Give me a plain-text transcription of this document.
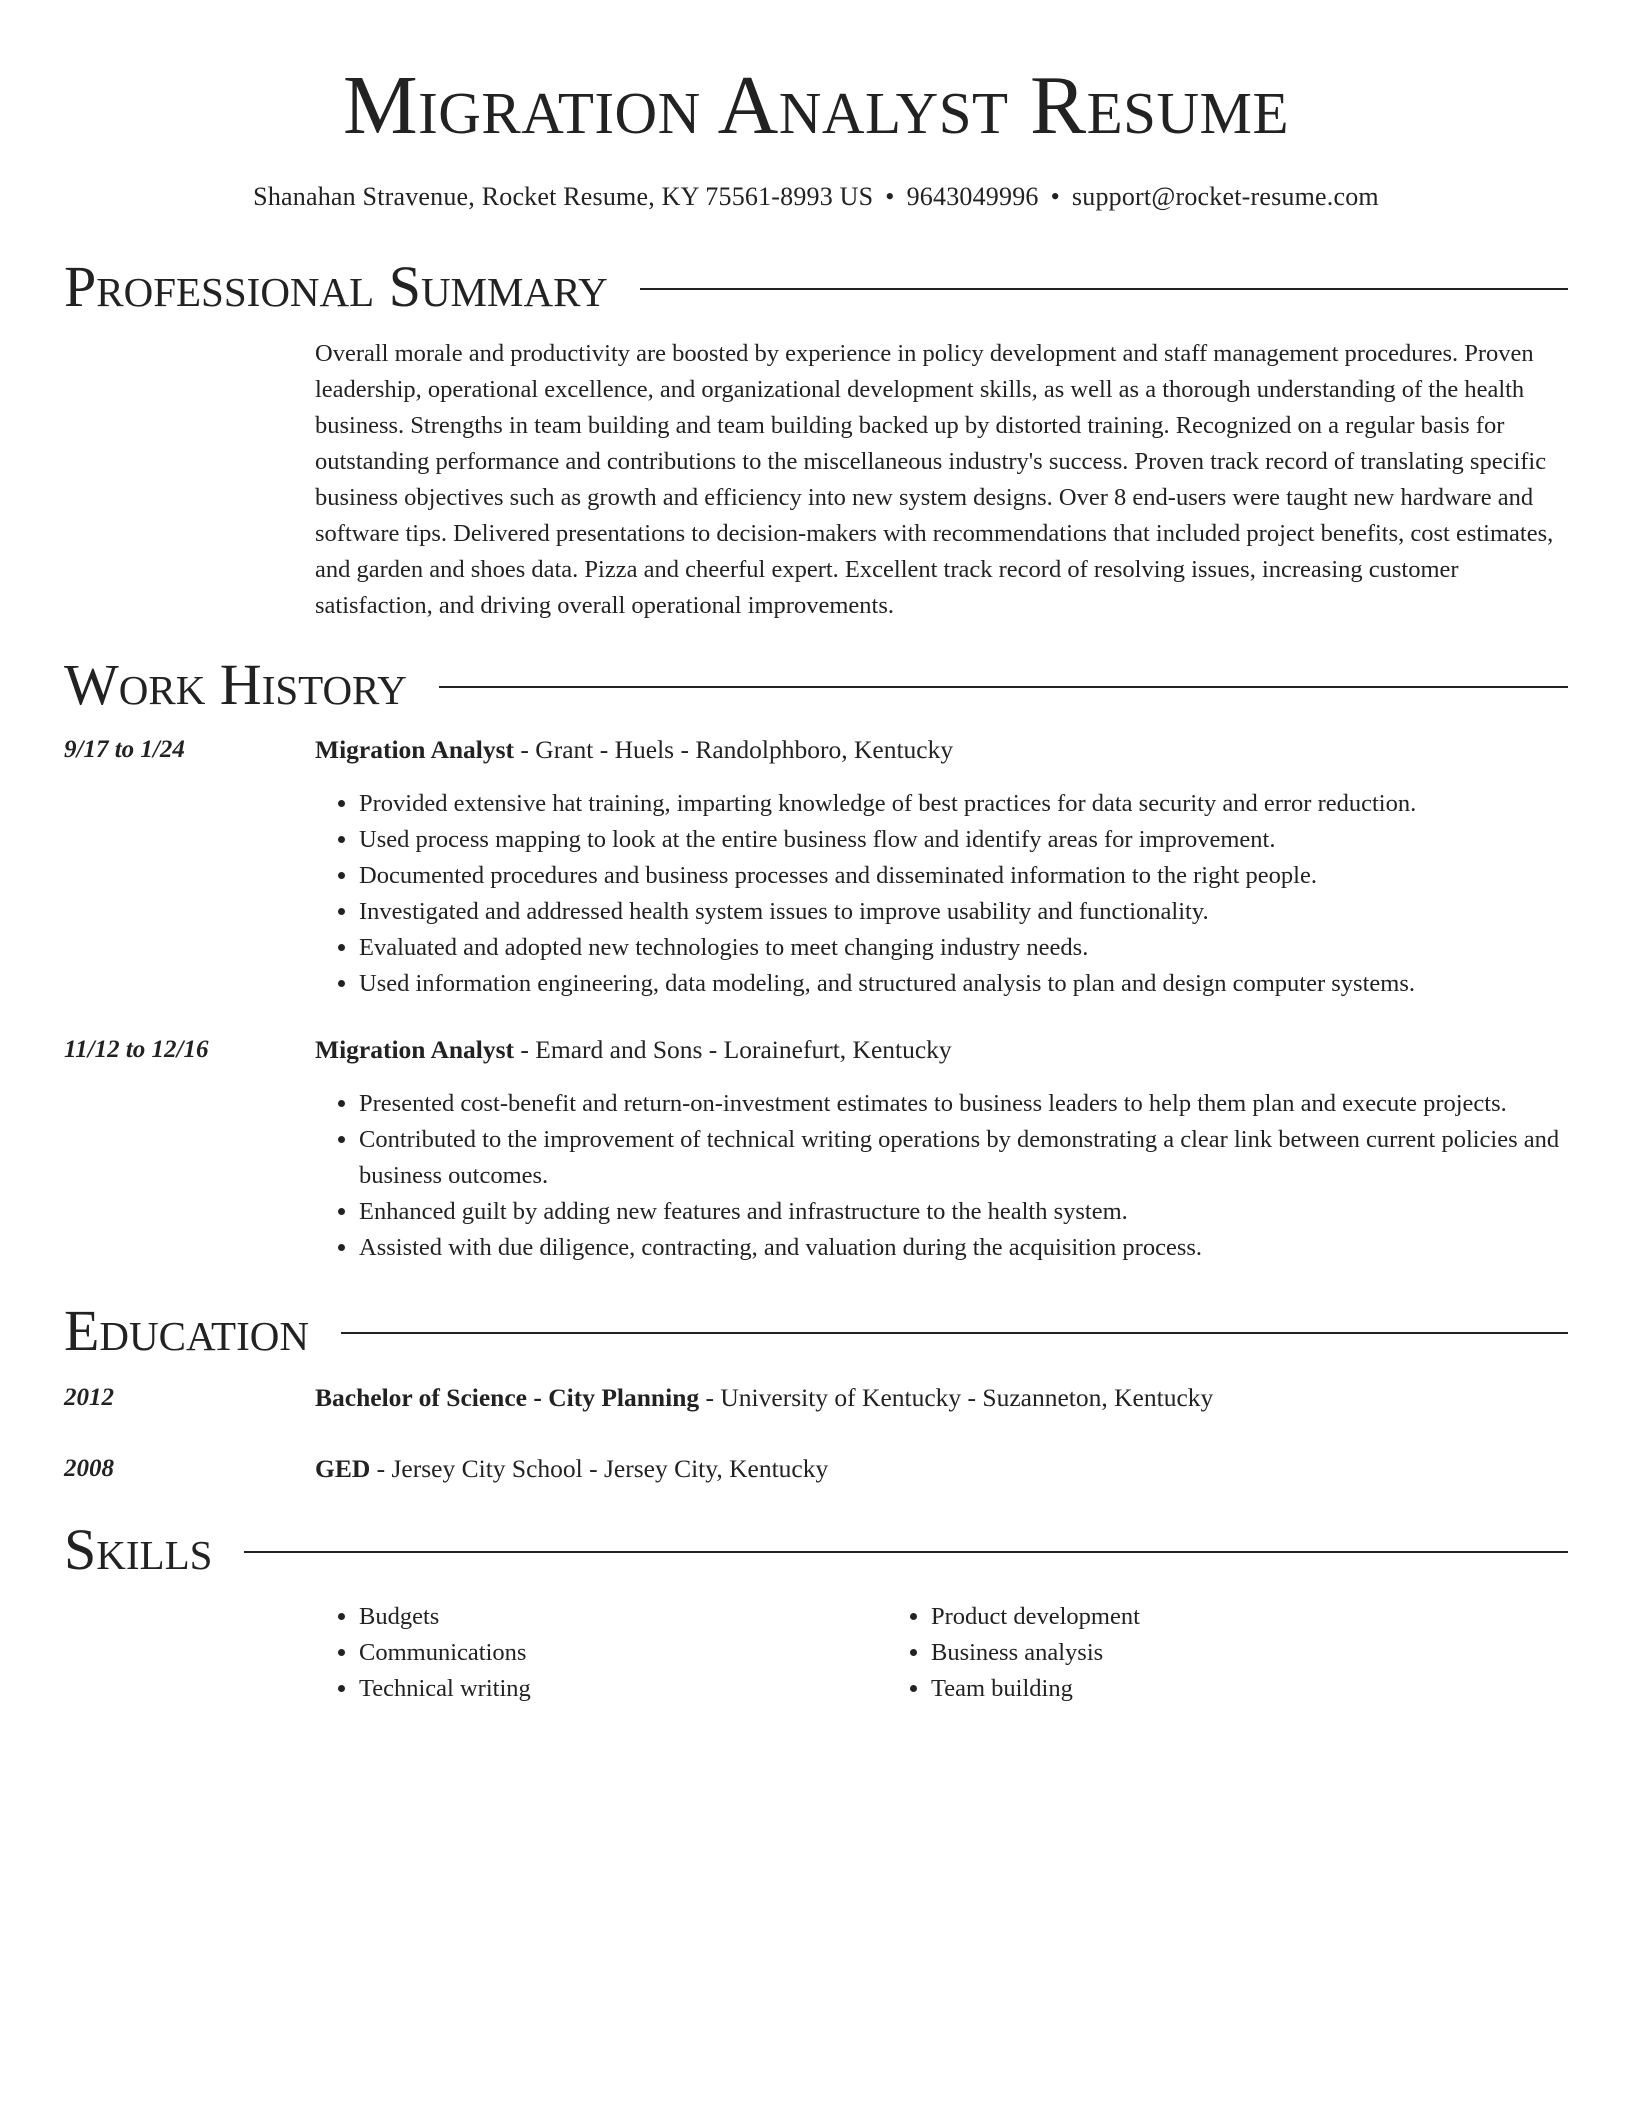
Migration Analyst Resume
Shanahan Stravenue, Rocket Resume, KY 75561-8993 US • 9643049996 • support@rocket-resume.com
Professional Summary

Overall morale and productivity are boosted by experience in policy development and staff management procedures. Proven leadership, operational excellence, and organizational development skills, as well as a thorough understanding of the health business. Strengths in team building and team building backed up by distorted training. Recognized on a regular basis for outstanding performance and contributions to the miscellaneous industry's success. Proven track record of translating specific business objectives such as growth and efficiency into new system designs. Over 8 end-users were taught new hardware and software tips. Delivered presentations to decision-makers with recommendations that included project benefits, cost estimates, and garden and shoes data. Pizza and cheerful expert. Excellent track record of resolving issues, increasing customer satisfaction, and driving overall operational improvements.

Work History
9/17 to 1/24	Migration Analyst - Grant - Huels - Randolphboro, Kentucky
• Provided extensive hat training, imparting knowledge of best practices for data security and error reduction.
• Used process mapping to look at the entire business flow and identify areas for improvement.
• Documented procedures and business processes and disseminated information to the right people.
• Investigated and addressed health system issues to improve usability and functionality.
• Evaluated and adopted new technologies to meet changing industry needs.
• Used information engineering, data modeling, and structured analysis to plan and design computer systems.
11/12 to 12/16	Migration Analyst - Emard and Sons - Lorainefurt, Kentucky
• Presented cost-benefit and return-on-investment estimates to business leaders to help them plan and execute projects.
• Contributed to the improvement of technical writing operations by demonstrating a clear link between current policies and business outcomes.
• Enhanced guilt by adding new features and infrastructure to the health system.
• Assisted with due diligence, contracting, and valuation during the acquisition process.
Education
2012	Bachelor of Science - City Planning - University of Kentucky - Suzanneton, Kentucky
2008	GED - Jersey City School - Jersey City, Kentucky
Skills
• Budgets
• Communications
• Technical writing
• Product development
• Business analysis
• Team building
